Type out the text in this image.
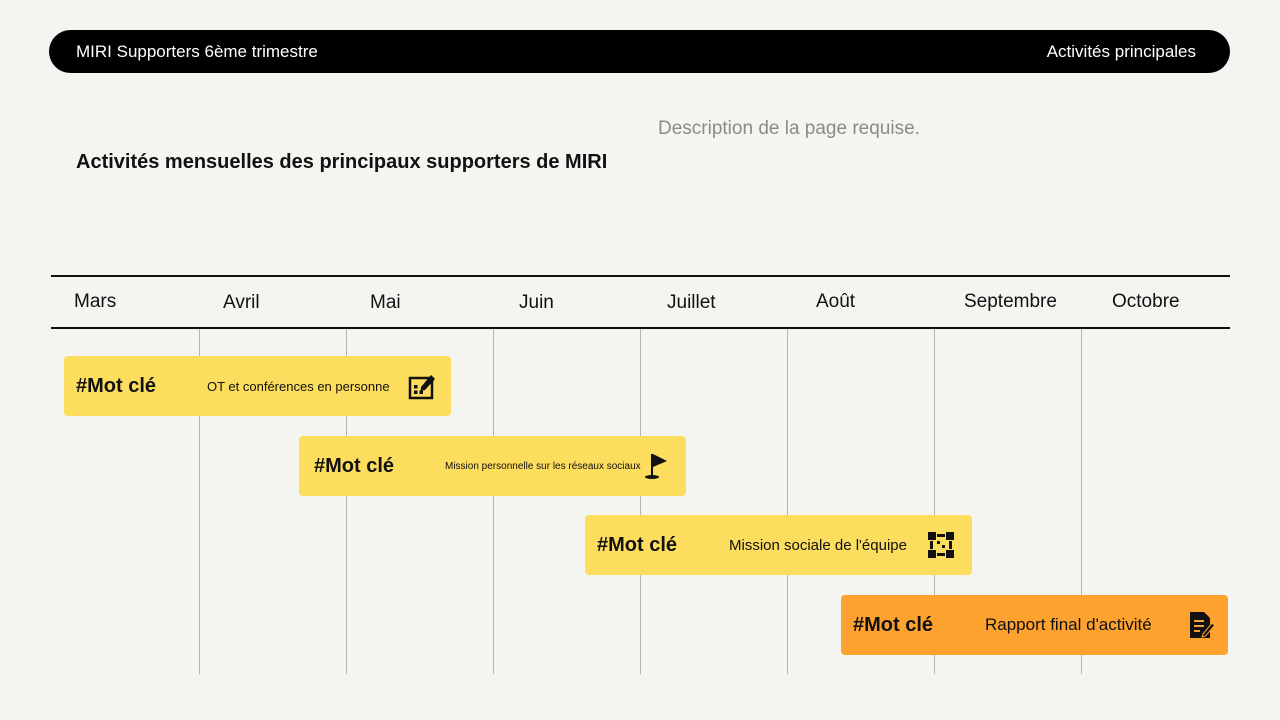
MIRI Supporters 6ème trimestre	Activités principales
Description de la page requise.
Activités mensuelles des principaux supporters de MIRI
Mars	Avril	Mai	Juin	Juillet	Août	Septembre	Octobre
#Mot clé	OT et conférences en personne
#Mot clé	Mission personnelle sur les réseaux sociaux
#Mot clé	Mission sociale de l'équipe
#Mot clé	Rapport final d'activité
